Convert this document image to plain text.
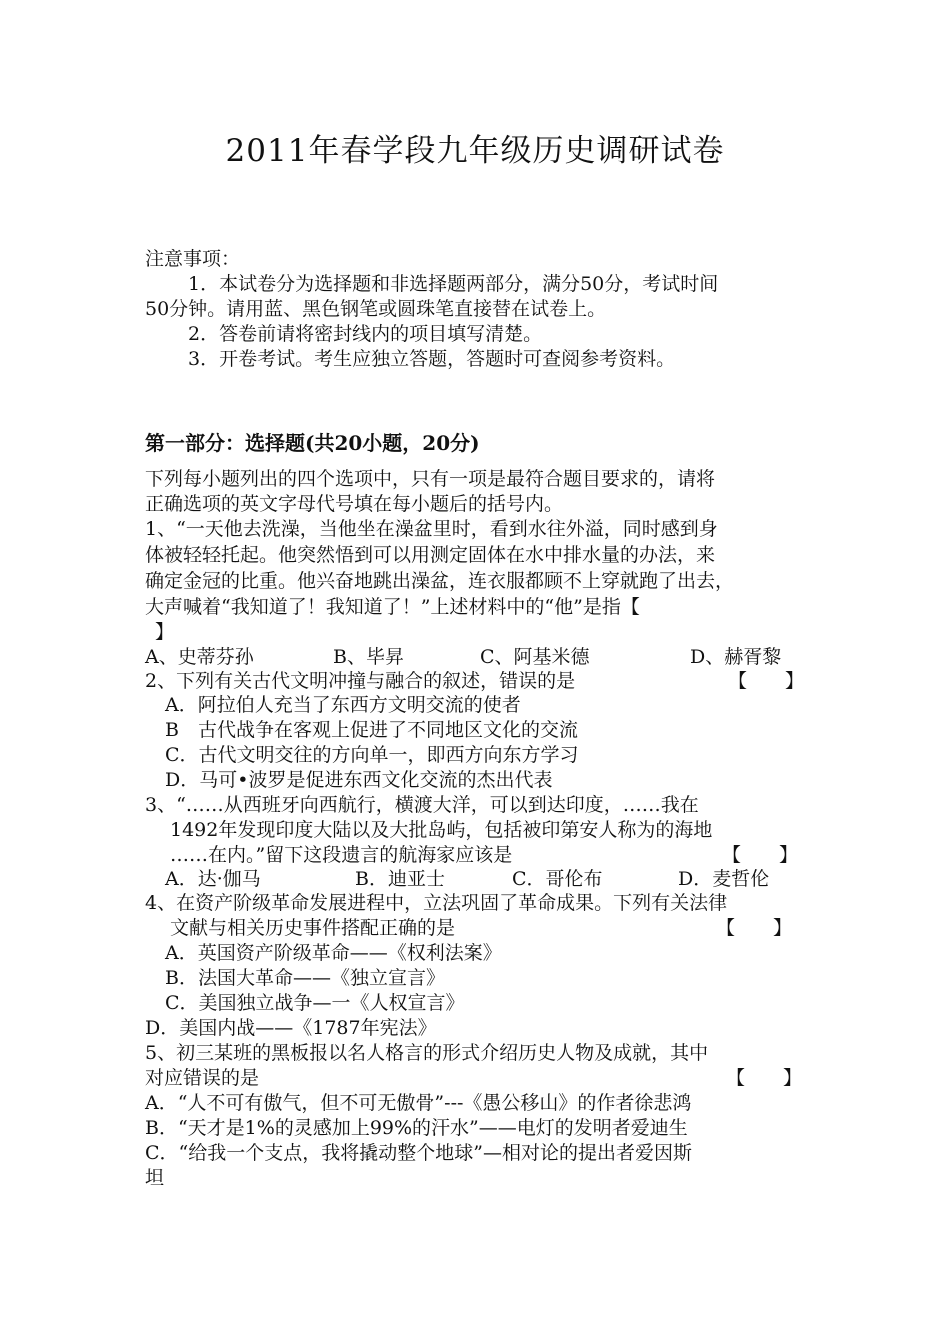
2011年春学段九年级历史调研试卷
注意事项：
1．本试卷分为选择题和非选择题两部分，满分50分，考试时间
50分钟。请用蓝、黑色钢笔或圆珠笔直接替在试卷上。
2．答卷前请将密封线内的项目填写清楚。
3．开卷考试。考生应独立答题，答题时可查阅参考资料。
第一部分：选择题(共20小题，20分)
下列每小题列出的四个选项中，只有一项是最符合题目要求的，请将
正确选项的英文字母代号填在每小题后的括号内。
1、“一天他去洗澡，当他坐在澡盆里时，看到水往外溢，同时感到身
体被轻轻托起。他突然悟到可以用测定固体在水中排水量的办法，来
确定金冠的比重。他兴奋地跳出澡盆，连衣服都顾不上穿就跑了出去，
大声喊着“我知道了！我知道了！”上述材料中的“他”是指【
】
A、史蒂芬孙	B、毕昇	C、阿基米德	D、赫胥黎
2、下列有关古代文明冲撞与融合的叙述，错误的是	【　　】
A．阿拉伯人充当了东西方文明交流的使者
B　古代战争在客观上促进了不同地区文化的交流
C．古代文明交往的方向单一，即西方向东方学习
D．马可•波罗是促进东西文化交流的杰出代表
3、“……从西班牙向西航行，横渡大洋，可以到达印度，……我在
1492年发现印度大陆以及大批岛屿，包括被印第安人称为的海地
……在内。”留下这段遗言的航海家应该是	【　　】
A．达·伽马	B．迪亚士	C．哥伦布	D．麦哲伦
4、在资产阶级革命发展进程中，立法巩固了革命成果。下列有关法律
文献与相关历史事件搭配正确的是	【　　】
A．英国资产阶级革命——《权利法案》
B．法国大革命——《独立宣言》
C．美国独立战争—一《人权宣言》
D．美国内战——《1787年宪法》
5、初三某班的黑板报以名人格言的形式介绍历史人物及成就，其中
对应错误的是	【　　】
A．“人不可有傲气，但不可无傲骨”---《愚公移山》的作者徐悲鸿
B．“天才是1%的灵感加上99%的汗水”——电灯的发明者爱迪生
C．“给我一个支点，我将撬动整个地球”—相对论的提出者爱因斯
坦
